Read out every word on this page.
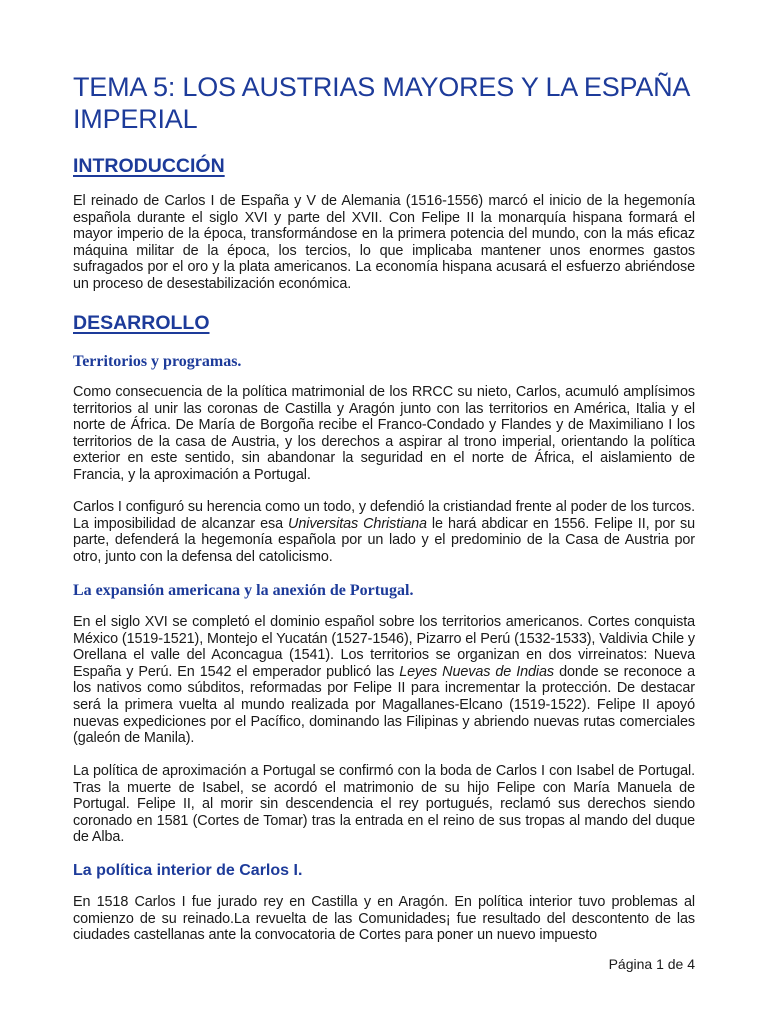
TEMA 5: LOS AUSTRIAS MAYORES Y LA ESPAÑA IMPERIAL
INTRODUCCIÓN

El reinado de Carlos I de España y V de Alemania (1516-1556) marcó el inicio de la hegemonía española durante el siglo XVI y parte del XVII. Con Felipe II la monarquía hispana formará el mayor imperio de la época, transformándose en la primera potencia del mundo, con la más eficaz máquina militar de la época, los tercios, lo que implicaba mantener unos enormes gastos sufragados por el oro y la plata americanos. La economía hispana acusará el esfuerzo abriéndose un proceso de desestabilización económica.

DESARROLLO
Territorios y programas.

Como consecuencia de la política matrimonial de los RRCC su nieto, Carlos, acumuló amplísimos territorios al unir las coronas de Castilla y Aragón junto con las territorios en América, Italia y el norte de África. De María de Borgoña recibe el Franco-Condado y Flandes y de Maximiliano I los territorios de la casa de Austria, y los derechos a aspirar al trono imperial, orientando la política exterior en este sentido, sin abandonar la seguridad en el norte de África, el aislamiento de Francia, y la aproximación a Portugal.

Carlos I configuró su herencia como un todo, y defendió la cristiandad frente al poder de los turcos. La imposibilidad de alcanzar esa Universitas Christiana le hará abdicar en 1556. Felipe II, por su parte, defenderá la hegemonía española por un lado y el predominio de la Casa de Austria por otro, junto con la defensa del catolicismo.

La expansión americana y la anexión de Portugal.

En el siglo XVI se completó el dominio español sobre los territorios americanos. Cortes conquista México (1519-1521), Montejo el Yucatán (1527-1546), Pizarro el Perú (1532-1533), Valdivia Chile y Orellana el valle del Aconcagua (1541). Los territorios se organizan en dos virreinatos: Nueva España y Perú. En 1542 el emperador publicó las Leyes Nuevas de Indias donde se reconoce a los nativos como súbditos, reformadas por Felipe II para incrementar la protección. De destacar será la primera vuelta al mundo realizada por Magallanes-Elcano (1519-1522). Felipe II apoyó nuevas expediciones por el Pacífico, dominando las Filipinas y abriendo nuevas rutas comerciales (galeón de Manila).

La política de aproximación a Portugal se confirmó con la boda de Carlos I con Isabel de Portugal. Tras la muerte de Isabel, se acordó el matrimonio de su hijo Felipe con María Manuela de Portugal. Felipe II, al morir sin descendencia el rey portugués, reclamó sus derechos siendo coronado en 1581 (Cortes de Tomar) tras la entrada en el reino de sus tropas al mando del duque de Alba.

La política interior de Carlos I.

En 1518 Carlos I fue jurado rey en Castilla y en Aragón. En política interior tuvo problemas al comienzo de su reinado.La revuelta de las Comunidades¡ fue resultado del descontento de las ciudades castellanas ante la convocatoria de Cortes para poner un nuevo impuesto

Página 1 de 4
